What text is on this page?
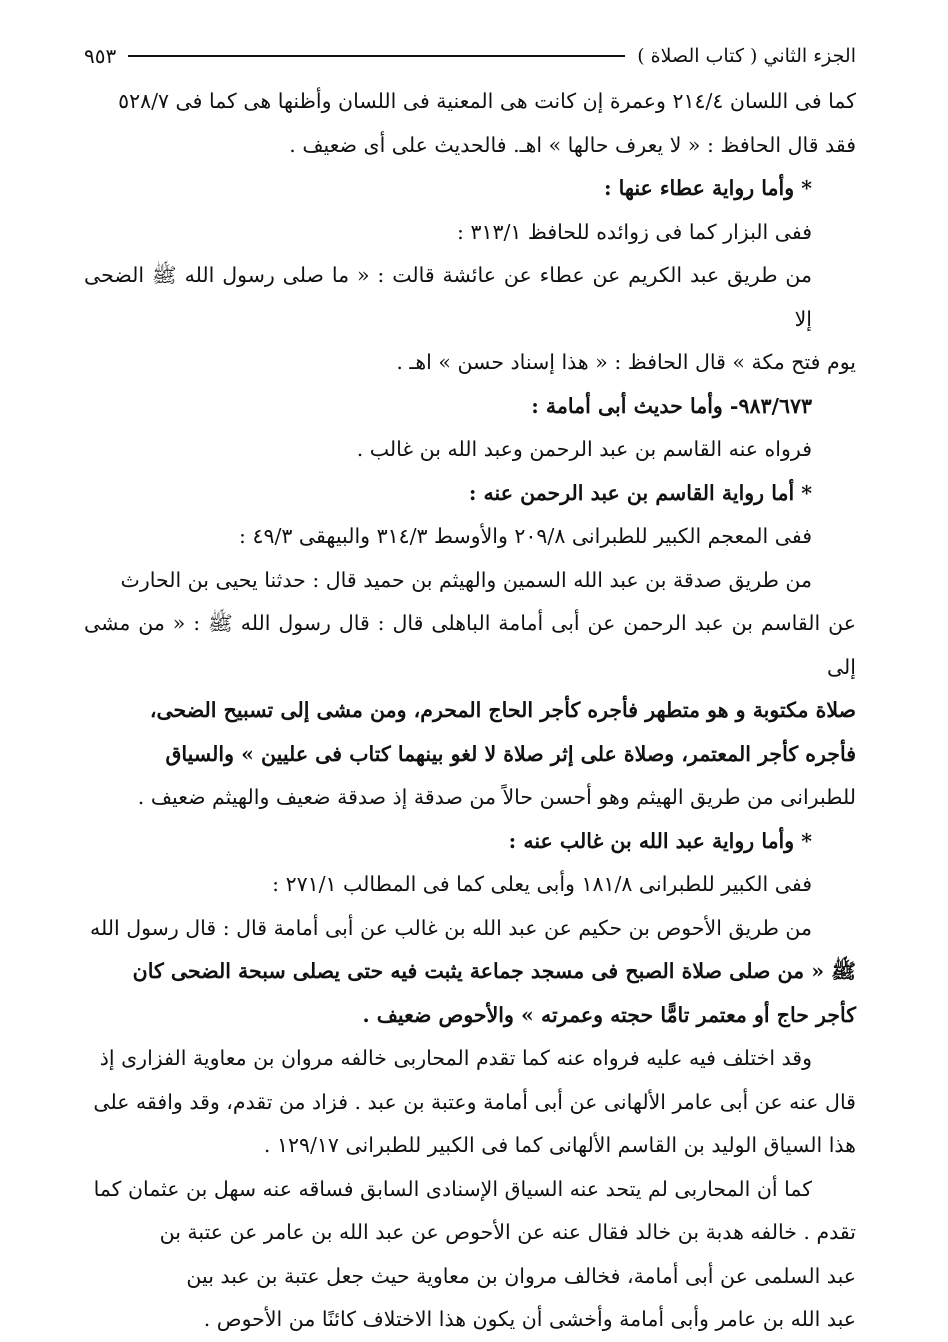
الجزء الثاني ( كتاب الصلاة )
٩٥٣

كما فى اللسان ٢١٤/٤ وعمرة إن كانت هى المعنية فى اللسان وأظنها هى كما فى ٥٢٨/٧

فقد قال الحافظ : « لا يعرف حالها » اهـ. فالحديث على أى ضعيف .

* وأما رواية عطاء عنها :

ففى البزار كما فى زوائده للحافظ ٣١٣/١ :

من طريق عبد الكريم عن عطاء عن عائشة قالت : « ما صلى رسول الله ﷺ الضحى إلا

يوم فتح مكة » قال الحافظ : « هذا إسناد حسن » اهـ .

٩٨٣/٦٧٣- وأما حديث أبى أمامة :

فرواه عنه القاسم بن عبد الرحمن وعبد الله بن غالب .

* أما رواية القاسم بن عبد الرحمن عنه :

ففى المعجم الكبير للطبرانى ٢٠٩/٨ والأوسط ٣١٤/٣ والبيهقى ٤٩/٣ :

من طريق صدقة بن عبد الله السمين والهيثم بن حميد قال : حدثنا يحيى بن الحارث

عن القاسم بن عبد الرحمن عن أبى أمامة الباهلى قال : قال رسول الله ﷺ : « من مشى إلى

صلاة مكتوبة و هو متطهر فأجره كأجر الحاج المحرم، ومن مشى إلى تسبيح الضحى،

فأجره كأجر المعتمر، وصلاة على إثر صلاة لا لغو بينهما كتاب فى عليين » والسياق

للطبرانى من طريق الهيثم وهو أحسن حالاً من صدقة إذ صدقة ضعيف والهيثم ضعيف .

* وأما رواية عبد الله بن غالب عنه :

ففى الكبير للطبرانى ١٨١/٨ وأبى يعلى كما فى المطالب ٢٧١/١ :

من طريق الأحوص بن حكيم عن عبد الله بن غالب عن أبى أمامة قال : قال رسول الله

ﷺ « من صلى صلاة الصبح فى مسجد جماعة يثبت فيه حتى يصلى سبحة الضحى كان

كأجر حاج أو معتمر تامًّا حجته وعمرته » والأحوص ضعيف .

وقد اختلف فيه عليه فرواه عنه كما تقدم المحاربى خالفه مروان بن معاوية الفزارى إذ

قال عنه عن أبى عامر الألهانى عن أبى أمامة وعتبة بن عبد . فزاد من تقدم، وقد وافقه على

هذا السياق الوليد بن القاسم الألهانى كما فى الكبير للطبرانى ١٢٩/١٧ .

كما أن المحاربى لم يتحد عنه السياق الإسنادى السابق فساقه عنه سهل بن عثمان كما

تقدم . خالفه هدبة بن خالد فقال عنه عن الأحوص عن عبد الله بن عامر عن عتبة بن

عبد السلمى عن أبى أمامة، فخالف مروان بن معاوية حيث جعل عتبة بن عبد بين

عبد الله بن عامر وأبى أمامة وأخشى أن يكون هذا الاختلاف كائنًا من الأحوص .
